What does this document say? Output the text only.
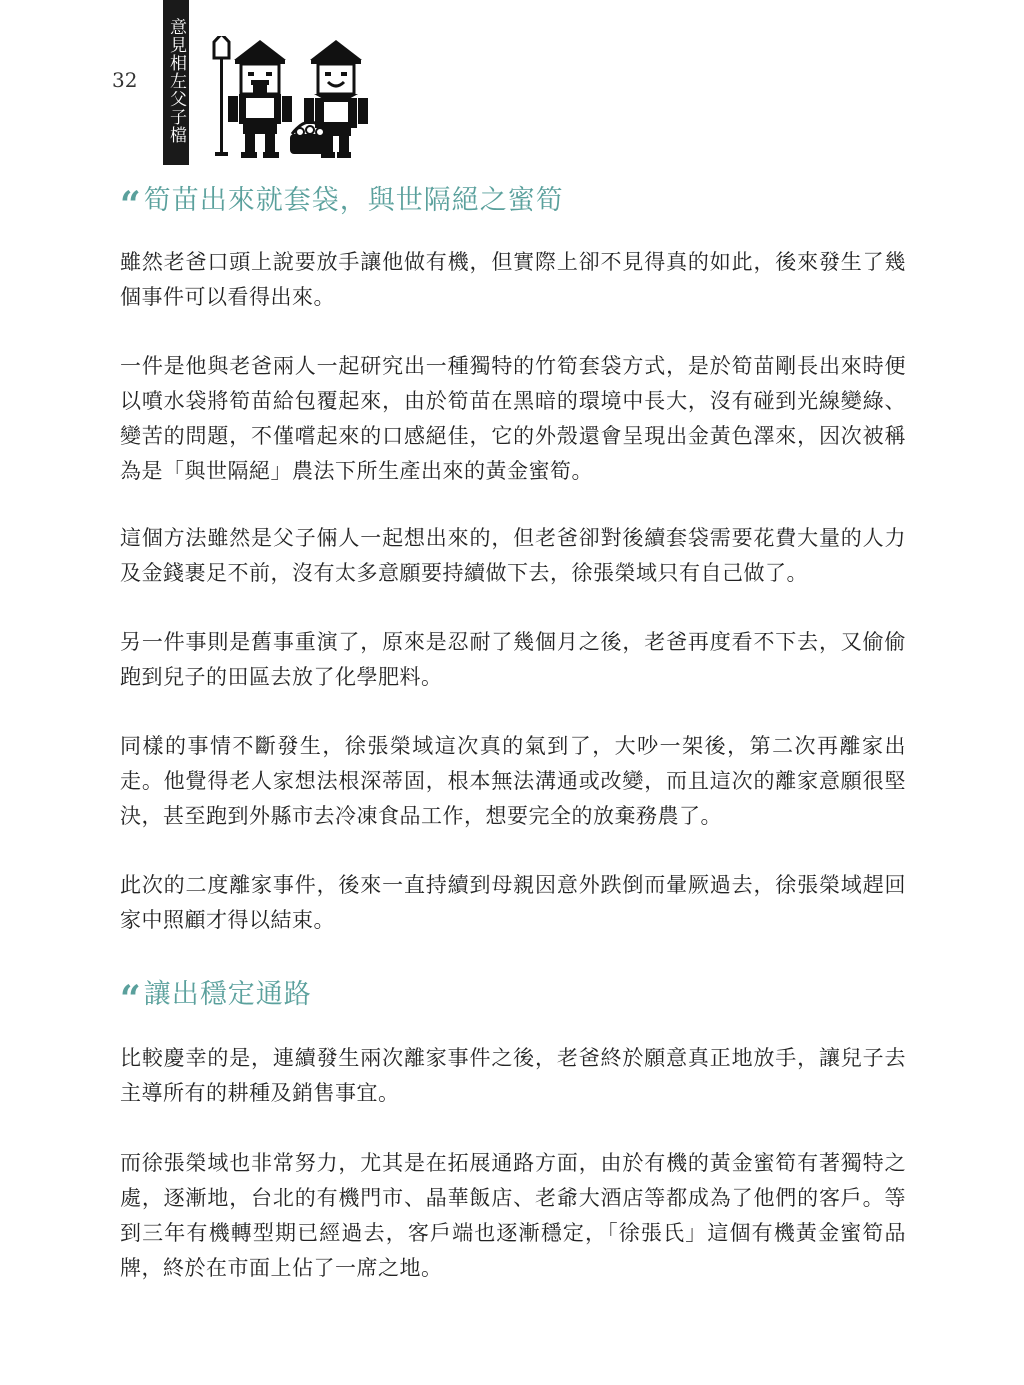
32 意見相左父子檔
“筍苗出來就套袋，與世隔絕之蜜筍

雖然老爸口頭上說要放手讓他做有機，但實際上卻不見得真的如此，後來發生了幾個事件可以看得出來。

一件是他與老爸兩人一起研究出一種獨特的竹筍套袋方式，是於筍苗剛長出來時便以噴水袋將筍苗給包覆起來，由於筍苗在黑暗的環境中長大，沒有碰到光線變綠、變苦的問題，不僅嚐起來的口感絕佳，它的外殼還會呈現出金黃色澤來，因次被稱為是「與世隔絕」農法下所生產出來的黃金蜜筍。

這個方法雖然是父子倆人一起想出來的，但老爸卻對後續套袋需要花費大量的人力及金錢裹足不前，沒有太多意願要持續做下去，徐張榮域只有自己做了。

另一件事則是舊事重演了，原來是忍耐了幾個月之後，老爸再度看不下去，又偷偷跑到兒子的田區去放了化學肥料。

同樣的事情不斷發生，徐張榮域這次真的氣到了，大吵一架後，第二次再離家出走。他覺得老人家想法根深蒂固，根本無法溝通或改變，而且這次的離家意願很堅決，甚至跑到外縣市去冷凍食品工作，想要完全的放棄務農了。

此次的二度離家事件，後來一直持續到母親因意外跌倒而暈厥過去，徐張榮域趕回家中照顧才得以結束。

“讓出穩定通路

比較慶幸的是，連續發生兩次離家事件之後，老爸終於願意真正地放手，讓兒子去主導所有的耕種及銷售事宜。

而徐張榮域也非常努力，尤其是在拓展通路方面，由於有機的黃金蜜筍有著獨特之處，逐漸地，台北的有機門市、晶華飯店、老爺大酒店等都成為了他們的客戶。等到三年有機轉型期已經過去，客戶端也逐漸穩定，「徐張氏」這個有機黃金蜜筍品牌，終於在市面上佔了一席之地。
